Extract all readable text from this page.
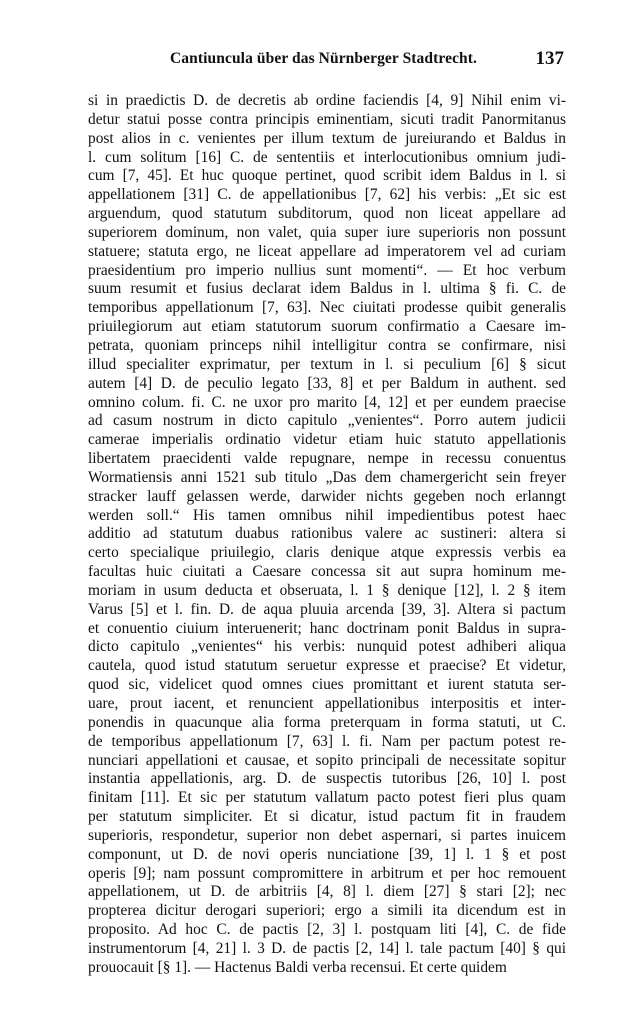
Cantiuncula über das Nürnberger Stadtrecht.	137
si in praedictis D. de decretis ab ordine faciendis [4, 9] Nihil enim vi-
detur statui posse contra principis eminentiam, sicuti tradit Panormitanus
post alios in c. venientes per illum textum de jureiurando et Baldus in
l. cum solitum [16] C. de sententiis et interlocutionibus omnium judi-
cum [7, 45]. Et huc quoque pertinet, quod scribit idem Baldus in l. si
appellationem [31] C. de appellationibus [7, 62] his verbis: „Et sic est
arguendum, quod statutum subditorum, quod non liceat appellare ad
superiorem dominum, non valet, quia super iure superioris non possunt
statuere; statuta ergo, ne liceat appellare ad imperatorem vel ad curiam
praesidentium pro imperio nullius sunt momenti“. — Et hoc verbum
suum resumit et fusius declarat idem Baldus in l. ultima § fi. C. de
temporibus appellationum [7, 63]. Nec ciuitati prodesse quibit generalis
priuilegiorum aut etiam statutorum suorum confirmatio a Caesare im-
petrata, quoniam princeps nihil intelligitur contra se confirmare, nisi
illud specialiter exprimatur, per textum in l. si peculium [6] § sicut
autem [4] D. de peculio legato [33, 8] et per Baldum in authent. sed
omnino colum. fi. C. ne uxor pro marito [4, 12] et per eundem praecise
ad casum nostrum in dicto capitulo „venientes“. Porro autem judicii
camerae imperialis ordinatio videtur etiam huic statuto appellationis
libertatem praecidenti valde repugnare, nempe in recessu conuentus
Wormatiensis anni 1521 sub titulo „Das dem chamergericht sein freyer
stracker lauff gelassen werde, darwider nichts gegeben noch erlanngt
werden soll.“ His tamen omnibus nihil impedientibus potest haec
additio ad statutum duabus rationibus valere ac sustineri: altera si
certo specialique priuilegio, claris denique atque expressis verbis ea
facultas huic ciuitati a Caesare concessa sit aut supra hominum me-
moriam in usum deducta et obseruata, l. 1 § denique [12], l. 2 § item
Varus [5] et l. fin. D. de aqua pluuia arcenda [39, 3]. Altera si pactum
et conuentio ciuium interuenerit; hanc doctrinam ponit Baldus in supra-
dicto capitulo „venientes“ his verbis: nunquid potest adhiberi aliqua
cautela, quod istud statutum seruetur expresse et praecise? Et videtur,
quod sic, videlicet quod omnes ciues promittant et iurent statuta ser-
uare, prout iacent, et renuncient appellationibus interpositis et inter-
ponendis in quacunque alia forma preterquam in forma statuti, ut C.
de temporibus appellationum [7, 63] l. fi. Nam per pactum potest re-
nunciari appellationi et causae, et sopito principali de necessitate sopitur
instantia appellationis, arg. D. de suspectis tutoribus [26, 10] l. post
finitam [11]. Et sic per statutum vallatum pacto potest fieri plus quam
per statutum simpliciter. Et si dicatur, istud pactum fit in fraudem
superioris, respondetur, superior non debet aspernari, si partes inuicem
componunt, ut D. de novi operis nunciatione [39, 1] l. 1 § et post
operis [9]; nam possunt compromittere in arbitrum et per hoc remouent
appellationem, ut D. de arbitriis [4, 8] l. diem [27] § stari [2]; nec
propterea dicitur derogari superiori; ergo a simili ita dicendum est in
proposito. Ad hoc C. de pactis [2, 3] l. postquam liti [4], C. de fide
instrumentorum [4, 21] l. 3 D. de pactis [2, 14] l. tale pactum [40] § qui
prouocauit [§ 1]. — Hactenus Baldi verba recensui. Et certe quidem
